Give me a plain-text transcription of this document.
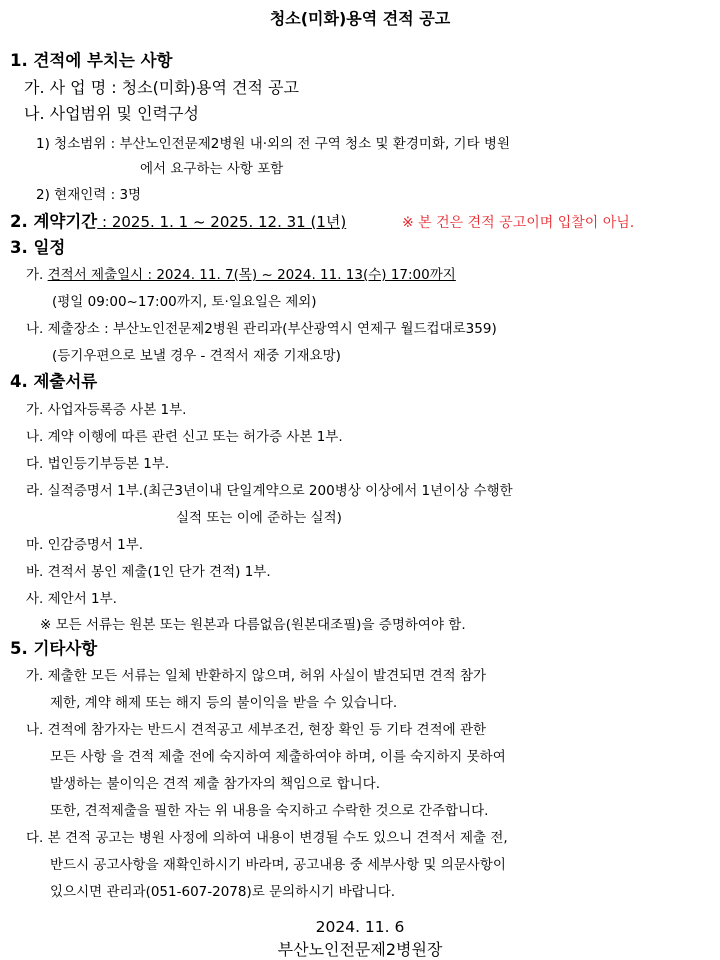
청소(미화)용역 견적 공고
1. 견적에 부치는 사항
가. 사 업 명 : 청소(미화)용역 견적 공고
나. 사업범위 및 인력구성
1) 청소범위 : 부산노인전문제2병원 내·외의 전 구역 청소 및 환경미화, 기타 병원
에서 요구하는 사항 포함
2) 현재인력 : 3명
2. 계약기간 : 2025. 1. 1 ~ 2025. 12. 31 (1년)	※ 본 건은 견적 공고이며 입찰이 아님.
3. 일정
가. 견적서 제출일시 : 2024. 11. 7(목) ~ 2024. 11. 13(수) 17:00까지
(평일 09:00~17:00까지, 토·일요일은 제외)
나. 제출장소 : 부산노인전문제2병원 관리과(부산광역시 연제구 월드컵대로359)
(등기우편으로 보낼 경우 - 견적서 재중 기재요망)
4. 제출서류
가. 사업자등록증 사본 1부.
나. 계약 이행에 따른 관련 신고 또는 허가증 사본 1부.
다. 법인등기부등본 1부.
라. 실적증명서 1부.(최근3년이내 단일계약으로 200병상 이상에서 1년이상 수행한
실적 또는 이에 준하는 실적)
마. 인감증명서 1부.
바. 견적서 봉인 제출(1인 단가 견적) 1부.
사. 제안서 1부.
※ 모든 서류는 원본 또는 원본과 다름없음(원본대조필)을 증명하여야 함.
5. 기타사항
가. 제출한 모든 서류는 일체 반환하지 않으며, 허위 사실이 발견되면 견적 참가
제한, 계약 해제 또는 해지 등의 불이익을 받을 수 있습니다.
나. 견적에 참가자는 반드시 견적공고 세부조건, 현장 확인 등 기타 견적에 관한
모든 사항 을 견적 제출 전에 숙지하여 제출하여야 하며, 이를 숙지하지 못하여
발생하는 불이익은 견적 제출 참가자의 책임으로 합니다.
또한, 견적제출을 필한 자는 위 내용을 숙지하고 수락한 것으로 간주합니다.
다. 본 견적 공고는 병원 사정에 의하여 내용이 변경될 수도 있으니 견적서 제출 전,
반드시 공고사항을 재확인하시기 바라며, 공고내용 중 세부사항 및 의문사항이
있으시면 관리과(051-607-2078)로 문의하시기 바랍니다.
2024. 11. 6
부산노인전문제2병원장
